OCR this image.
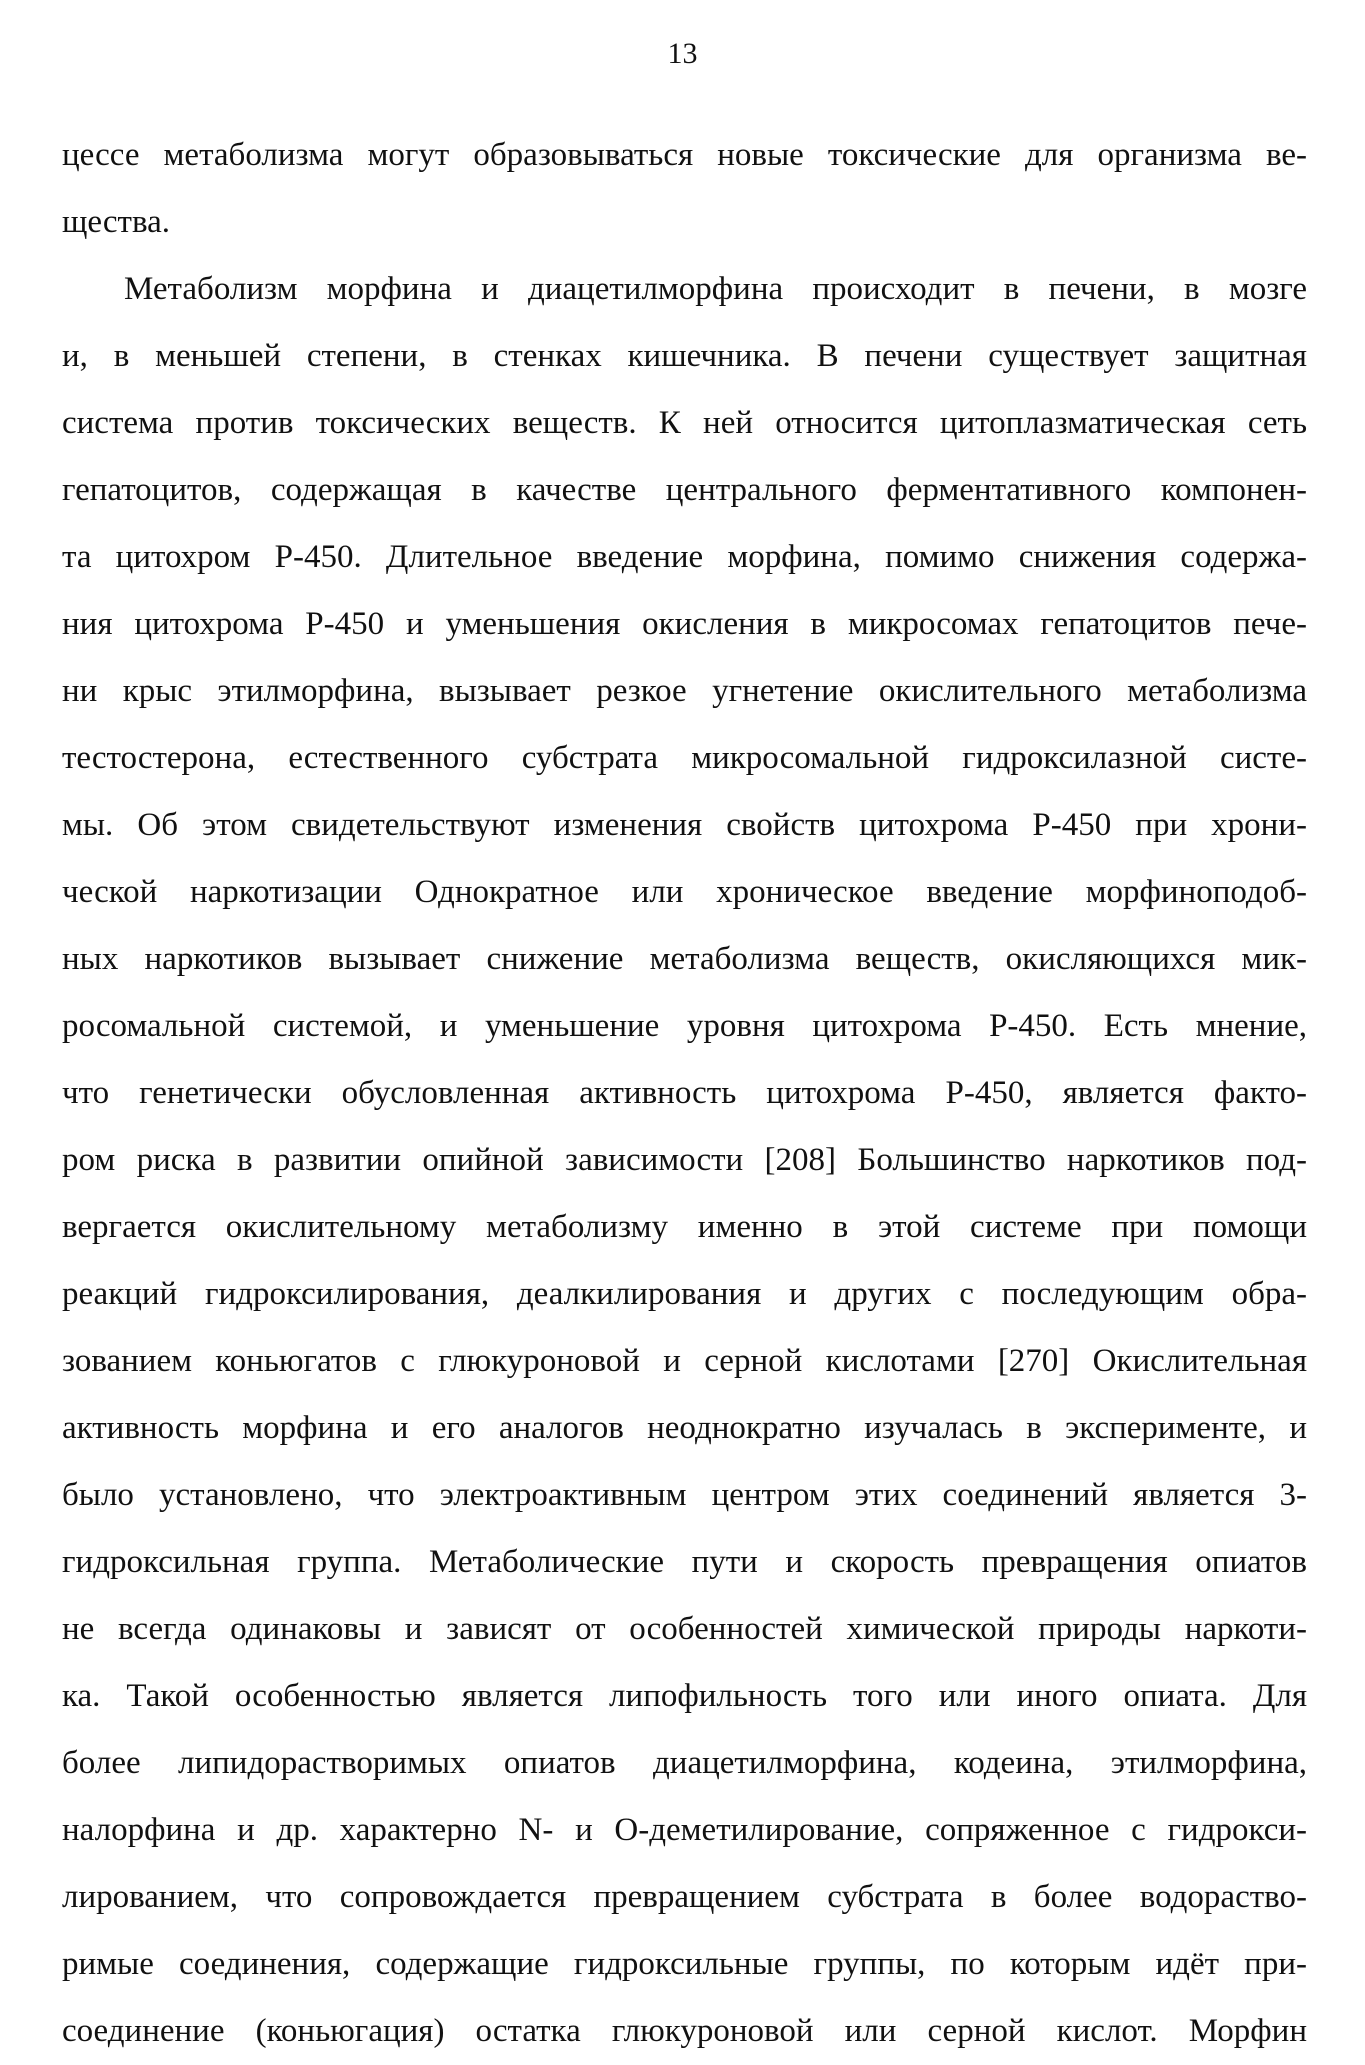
13
цессе метаболизма могут образовываться новые токсические для организма ве-
щества.
Метаболизм морфина и диацетилморфина происходит в печени, в мозге
и, в меньшей степени, в стенках кишечника. В печени существует защитная
система против токсических веществ. К ней относится цитоплазматическая сеть
гепатоцитов, содержащая в качестве центрального ферментативного компонен-
та цитохром Р-450. Длительное введение морфина, помимо снижения содержа-
ния цитохрома Р-450 и уменьшения окисления в микросомах гепатоцитов пече-
ни крыс этилморфина, вызывает резкое угнетение окислительного метаболизма
тестостерона, естественного субстрата микросомальной гидроксилазной систе-
мы. Об этом свидетельствуют изменения свойств цитохрома Р-450 при хрони-
ческой наркотизации Однократное или хроническое введение морфиноподоб-
ных наркотиков вызывает снижение метаболизма веществ, окисляющихся мик-
росомальной системой, и уменьшение уровня цитохрома Р-450. Есть мнение,
что генетически обусловленная активность цитохрома Р-450, является факто-
ром риска в развитии опийной зависимости [208] Большинство наркотиков под-
вергается окислительному метаболизму именно в этой системе при помощи
реакций гидроксилирования, деалкилирования и других с последующим обра-
зованием коньюгатов с глюкуроновой и серной кислотами [270] Окислительная
активность морфина и его аналогов неоднократно изучалась в эксперименте, и
было установлено, что электроактивным центром этих соединений является 3-
гидроксильная группа. Метаболические пути и скорость превращения опиатов
не всегда одинаковы и зависят от особенностей химической природы наркоти-
ка. Такой особенностью является липофильность того или иного опиата. Для
более липидорастворимых опиатов диацетилморфина, кодеина, этилморфина,
налорфина и др. характерно N- и О-деметилирование, сопряженное с гидрокси-
лированием, что сопровождается превращением субстрата в более водораство-
римые соединения, содержащие гидроксильные группы, по которым идёт при-
соединение (коньюгация) остатка глюкуроновой или серной кислот. Морфин
